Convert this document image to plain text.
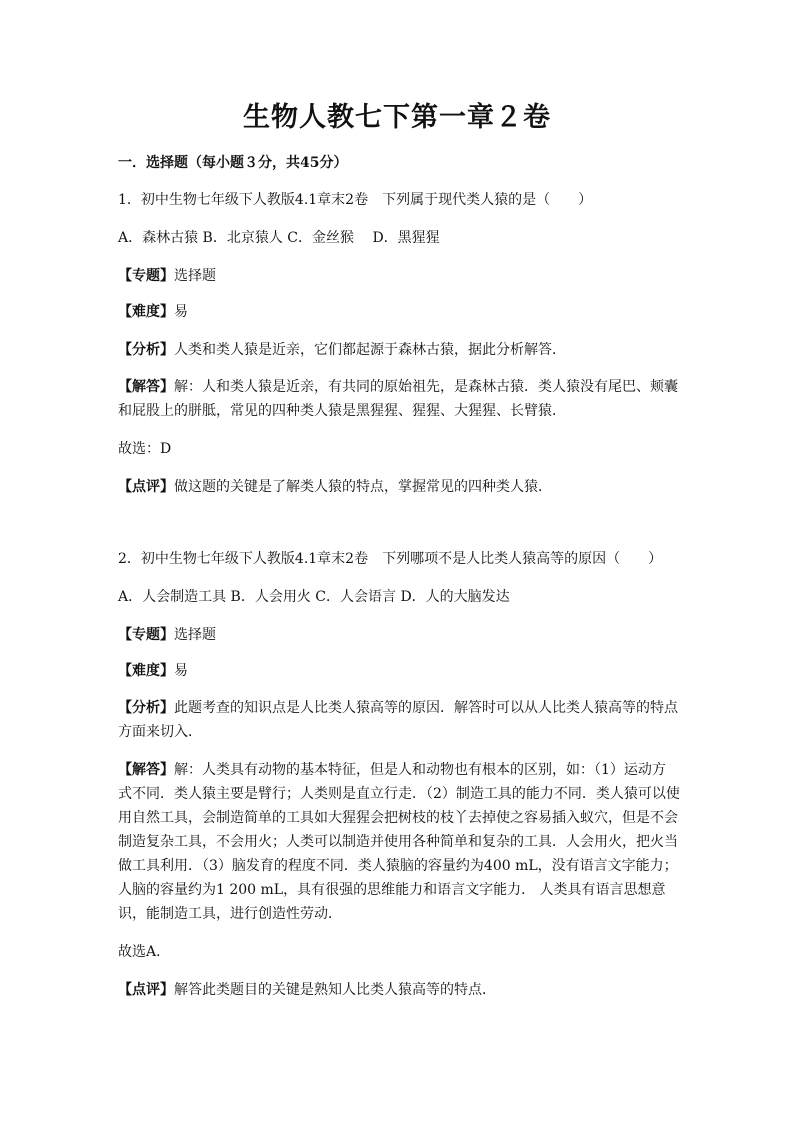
生物人教七下第一章２卷
一．选择题（每小题３分，共45分）
1．初中生物七年级下人教版4.1章末2卷　下列属于现代类人猿的是（　　）
A．森林古猿 B．北京猿人 C．金丝猴　 D．黑猩猩
【专题】选择题
【难度】易
【分析】人类和类人猿是近亲，它们都起源于森林古猿，据此分析解答．
【解答】解：人和类人猿是近亲，有共同的原始祖先，是森林古猿．类人猿没有尾巴、颊囊
和屁股上的胼胝，常见的四种类人猿是黑猩猩、猩猩、大猩猩、长臂猿．
故选：D
【点评】做这题的关键是了解类人猿的特点，掌握常见的四种类人猿．
2．初中生物七年级下人教版4.1章末2卷　下列哪项不是人比类人猿高等的原因（　　）
A．人会制造工具 B．人会用火 C．人会语言 D．人的大脑发达
【专题】选择题
【难度】易
【分析】此题考查的知识点是人比类人猿高等的原因．解答时可以从人比类人猿高等的特点
方面来切入．
【解答】解：人类具有动物的基本特征，但是人和动物也有根本的区别，如：（1）运动方
式不同．类人猿主要是臂行；人类则是直立行走．（2）制造工具的能力不同．类人猿可以使
用自然工具，会制造简单的工具如大猩猩会把树枝的枝丫去掉使之容易插入蚁穴，但是不会
制造复杂工具，不会用火；人类可以制造并使用各种简单和复杂的工具．人会用火，把火当
做工具利用．（3）脑发育的程度不同．类人猿脑的容量约为400 mL，没有语言文字能力；
人脑的容量约为1 200 mL，具有很强的思维能力和语言文字能力． 人类具有语言思想意
识，能制造工具，进行创造性劳动．
故选A．
【点评】解答此类题目的关键是熟知人比类人猿高等的特点．
